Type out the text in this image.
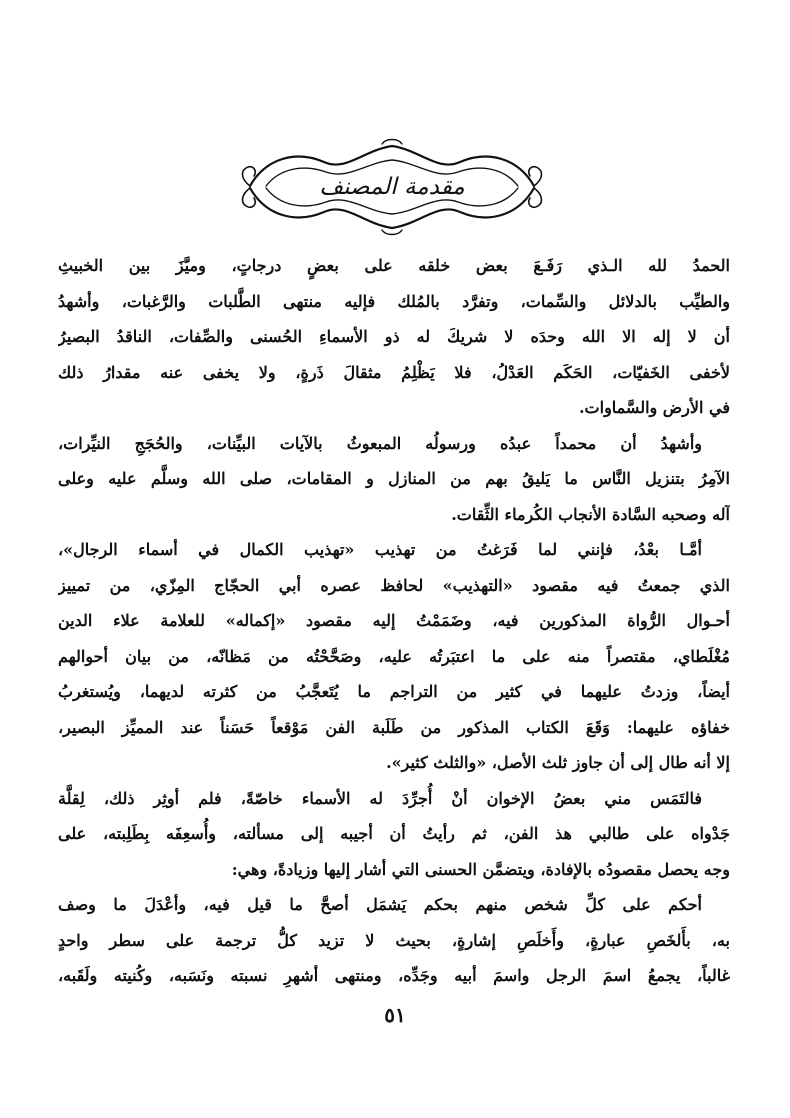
مقدمة المصنف
الحمدُ لله الـذي رَفَـعَ بعض خلقه على بعضٍ درجاتٍ، وميَّزَ بين الخبيثِ
والطيِّب بالدلائل والسِّمات، وتفرَّد بالمُلك فإليه منتهى الطَّلبات والرَّغبات، وأشهدُ
أن لا إله الا الله وحدَه لا شريكَ له ذو الأسماءِ الحُسنى والصِّفات، الناقدُ البصيرُ
لأخفى الخَفيّات، الحَكَم العَدْلُ، فلا يَظْلِمُ مثقالَ ذَرةٍ، ولا يخفى عنه مقدارُ ذلك
في الأرض والسَّماوات.
وأشهدُ أن محمداً عبدُه ورسولُه المبعوثُ بالآيات البيِّنات، والحُجَجِ النيِّرات،
الآمِرُ بتنزيل النَّاس ما يَليقُ بهم من المنازل و المقامات، صلى الله وسلَّم عليه وعلى
آله وصحبه السَّادة الأنجاب الكُرماء الثِّقات.
أمَّـا بعْدُ، فإنني لما فَرَغتُ من تهذيب «تهذيب الكمال في أسماء الرجال»،
الذي جمعتُ فيه مقصود «التهذيب» لحافظ عصره أبي الحجّاج المِزّي، من تمييز
أحـوال الرُّواة المذكورين فيه، وضَمَمْتُ إليه مقصود «إكماله» للعلامة علاء الدين
مُغْلَطاي، مقتصراً منه على ما اعتبَرتُه عليه، وصَحَّحْتُه من مَظانّه، من بيان أحوالهم
أيضاً، وزدتُ عليهما في كثير من التراجم ما يُتَعجَّبُ من كثرته لديهما، ويُستغربُ
خفاؤه عليهما: وَقَعَ الكتاب المذكور من طَلَبة الفن مَوْقعاً حَسَناً عند المميِّز البصير،
إلا أنه طال إلى أن جاوز ثلث الأصل، «والثلث كثير».
فالتَمَس مني بعضُ الإخوان أنْ أُجرِّدَ له الأسماء خاصّةً، فلم أوثِر ذلك، لِقلَّة
جَدْواه على طالبي هذ الفن، ثم رأيتُ أن أجيبه إلى مسألته، وأُسعِفَه بِطَلِبته، على
وجه يحصل مقصودُه بالإفادة، ويتضمَّن الحسنى التي أشار إليها وزيادةً، وهي:
أحكم على كلِّ شخص منهم بحكم يَشمَل أصحَّ ما قيل فيه، وأعْدَلَ ما وصف
به، بأَلخَصِ عبارةٍ، وأَخلَصِ إشارةٍ، بحيث لا تزيد كلُّ ترجمة على سطر واحدٍ
غالباً، يجمعُ اسمَ الرجل واسمَ أبيه وجَدِّه، ومنتهى أشهرِ نسبته ونَسَبه، وكُنيته ولَقَبه،
٥١
